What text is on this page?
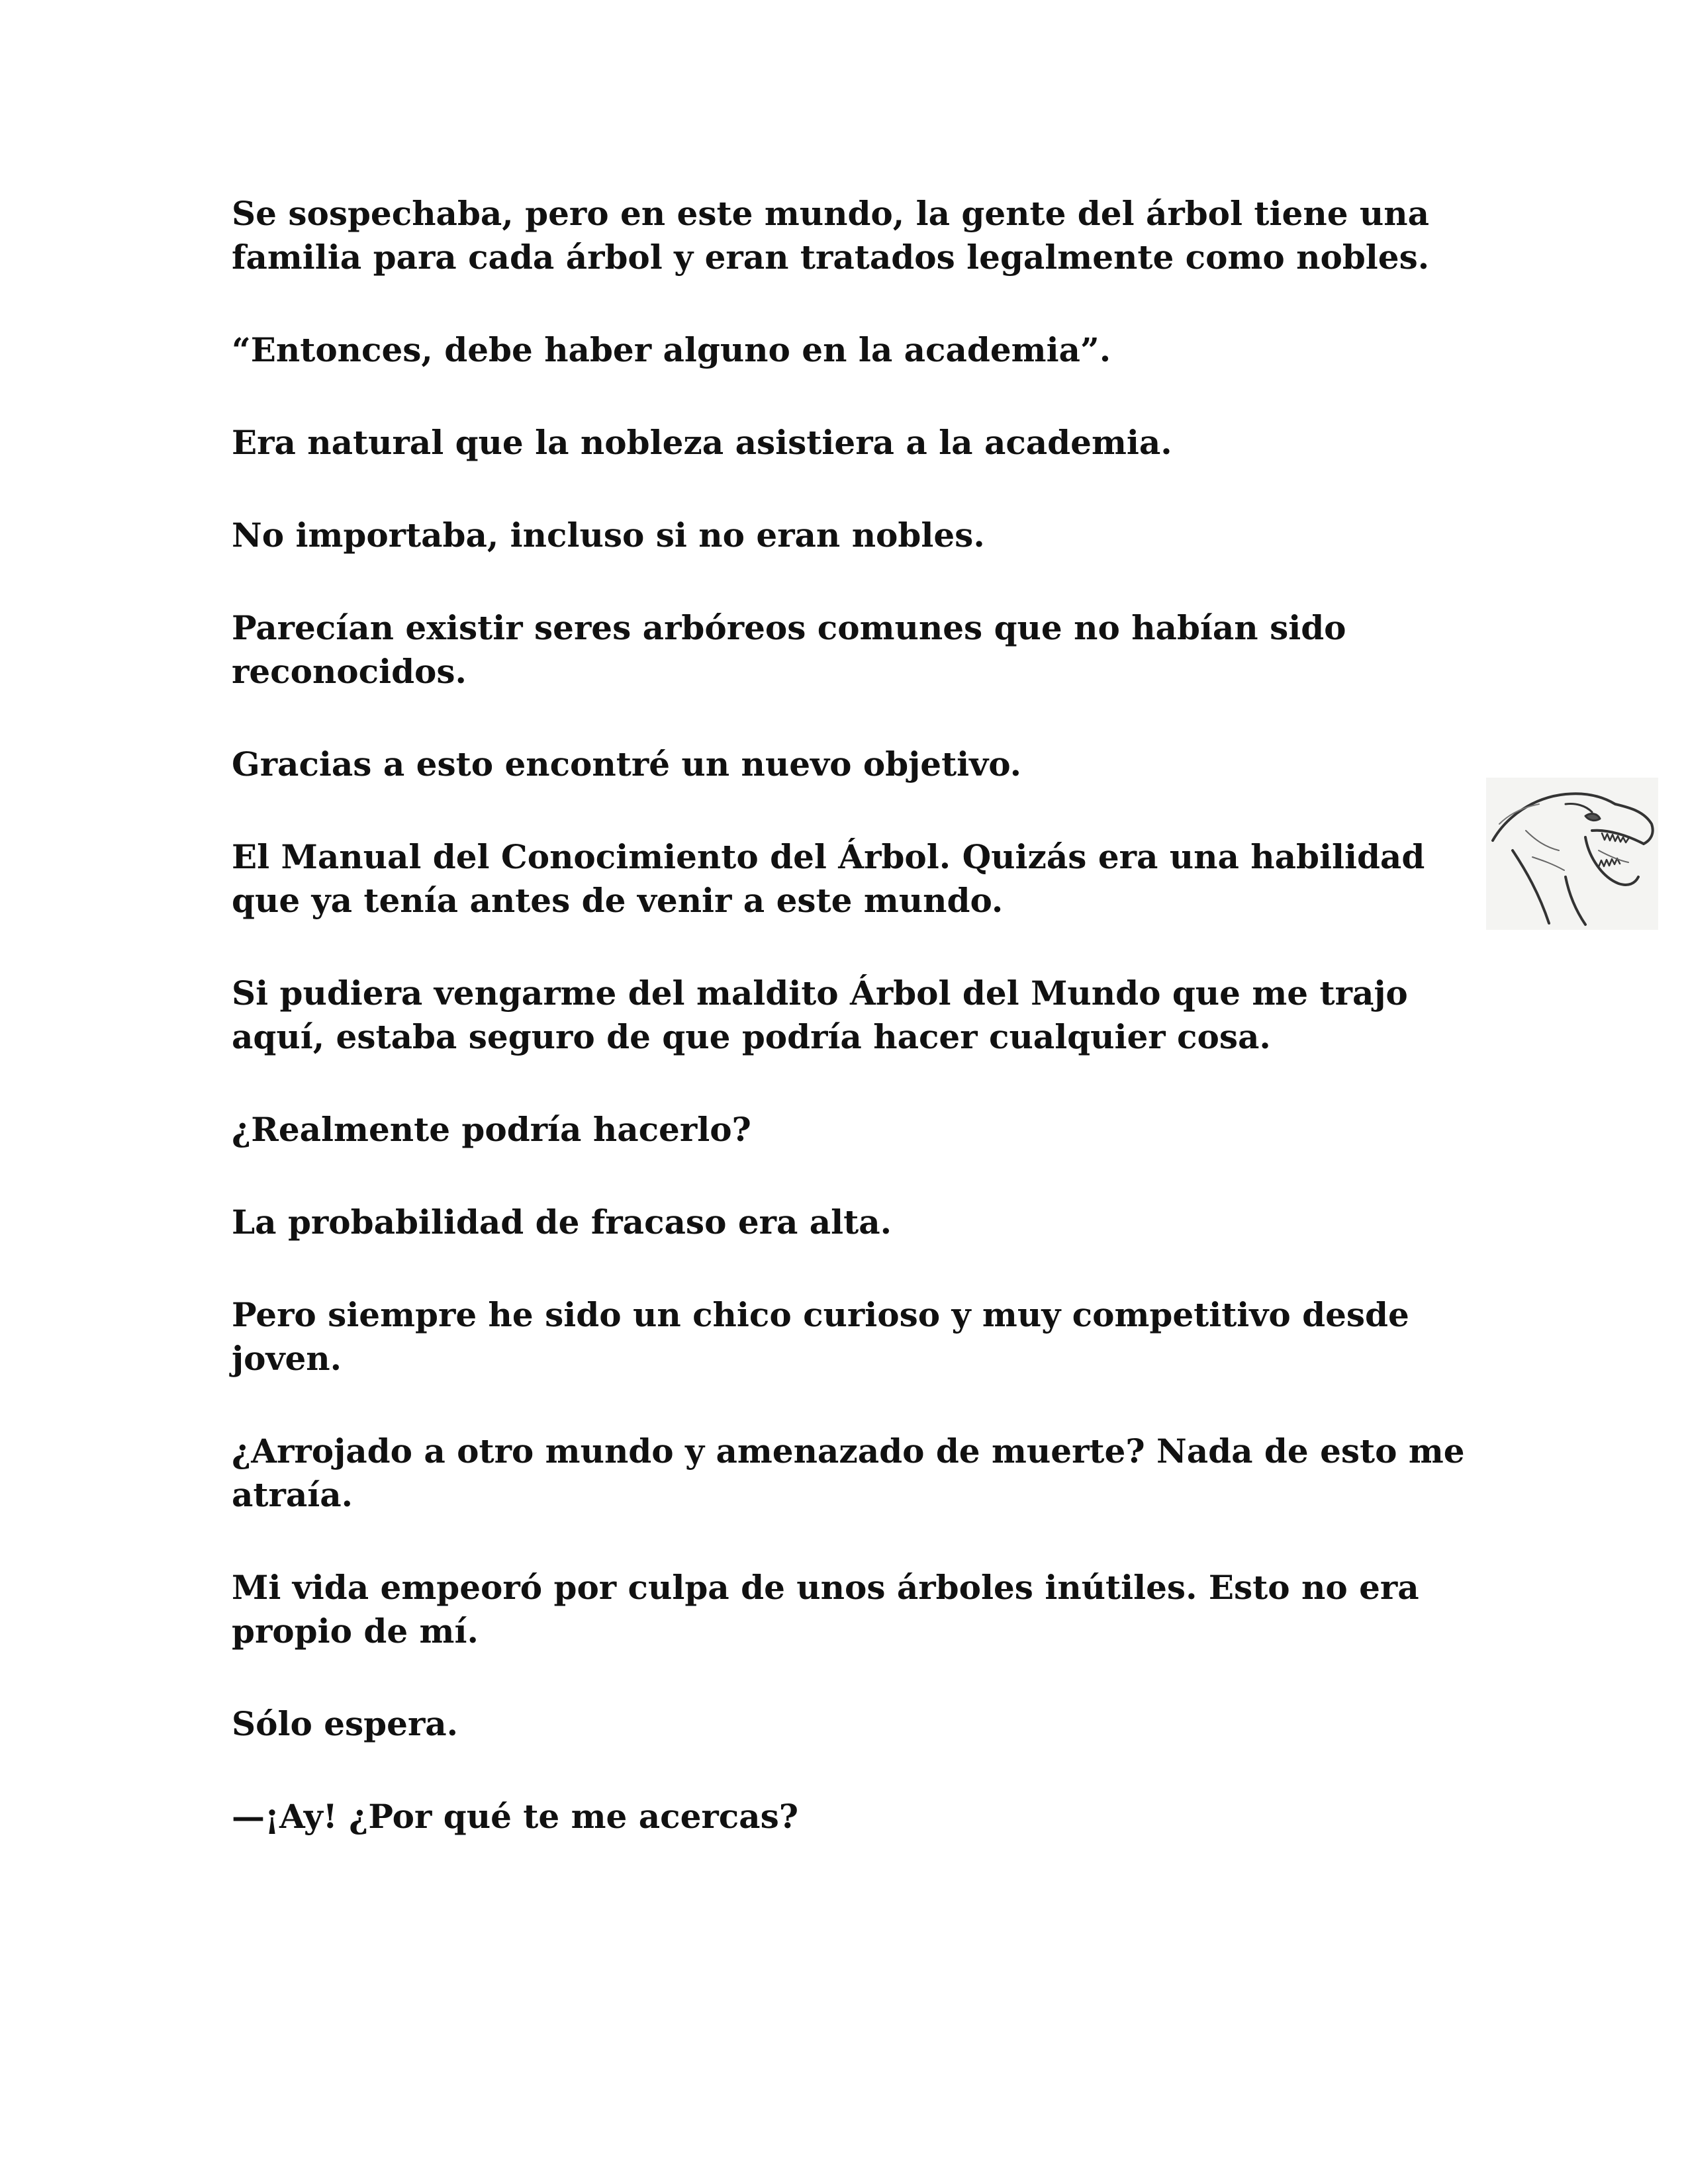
Se sospechaba, pero en este mundo, la gente del árbol tiene una familia para cada árbol y eran tratados legalmente como nobles.

“Entonces, debe haber alguno en la academia”.

Era natural que la nobleza asistiera a la academia.

No importaba, incluso si no eran nobles.

Parecían existir seres arbóreos comunes que no habían sido reconocidos.

Gracias a esto encontré un nuevo objetivo.

El Manual del Conocimiento del Árbol. Quizás era una habilidad que ya tenía antes de venir a este mundo.

Si pudiera vengarme del maldito Árbol del Mundo que me trajo aquí, estaba seguro de que podría hacer cualquier cosa.

¿Realmente podría hacerlo?

La probabilidad de fracaso era alta.

Pero siempre he sido un chico curioso y muy competitivo desde joven.

¿Arrojado a otro mundo y amenazado de muerte? Nada de esto me atraía.

Mi vida empeoró por culpa de unos árboles inútiles. Esto no era propio de mí.

Sólo espera.

—¡Ay! ¿Por qué te me acercas?
